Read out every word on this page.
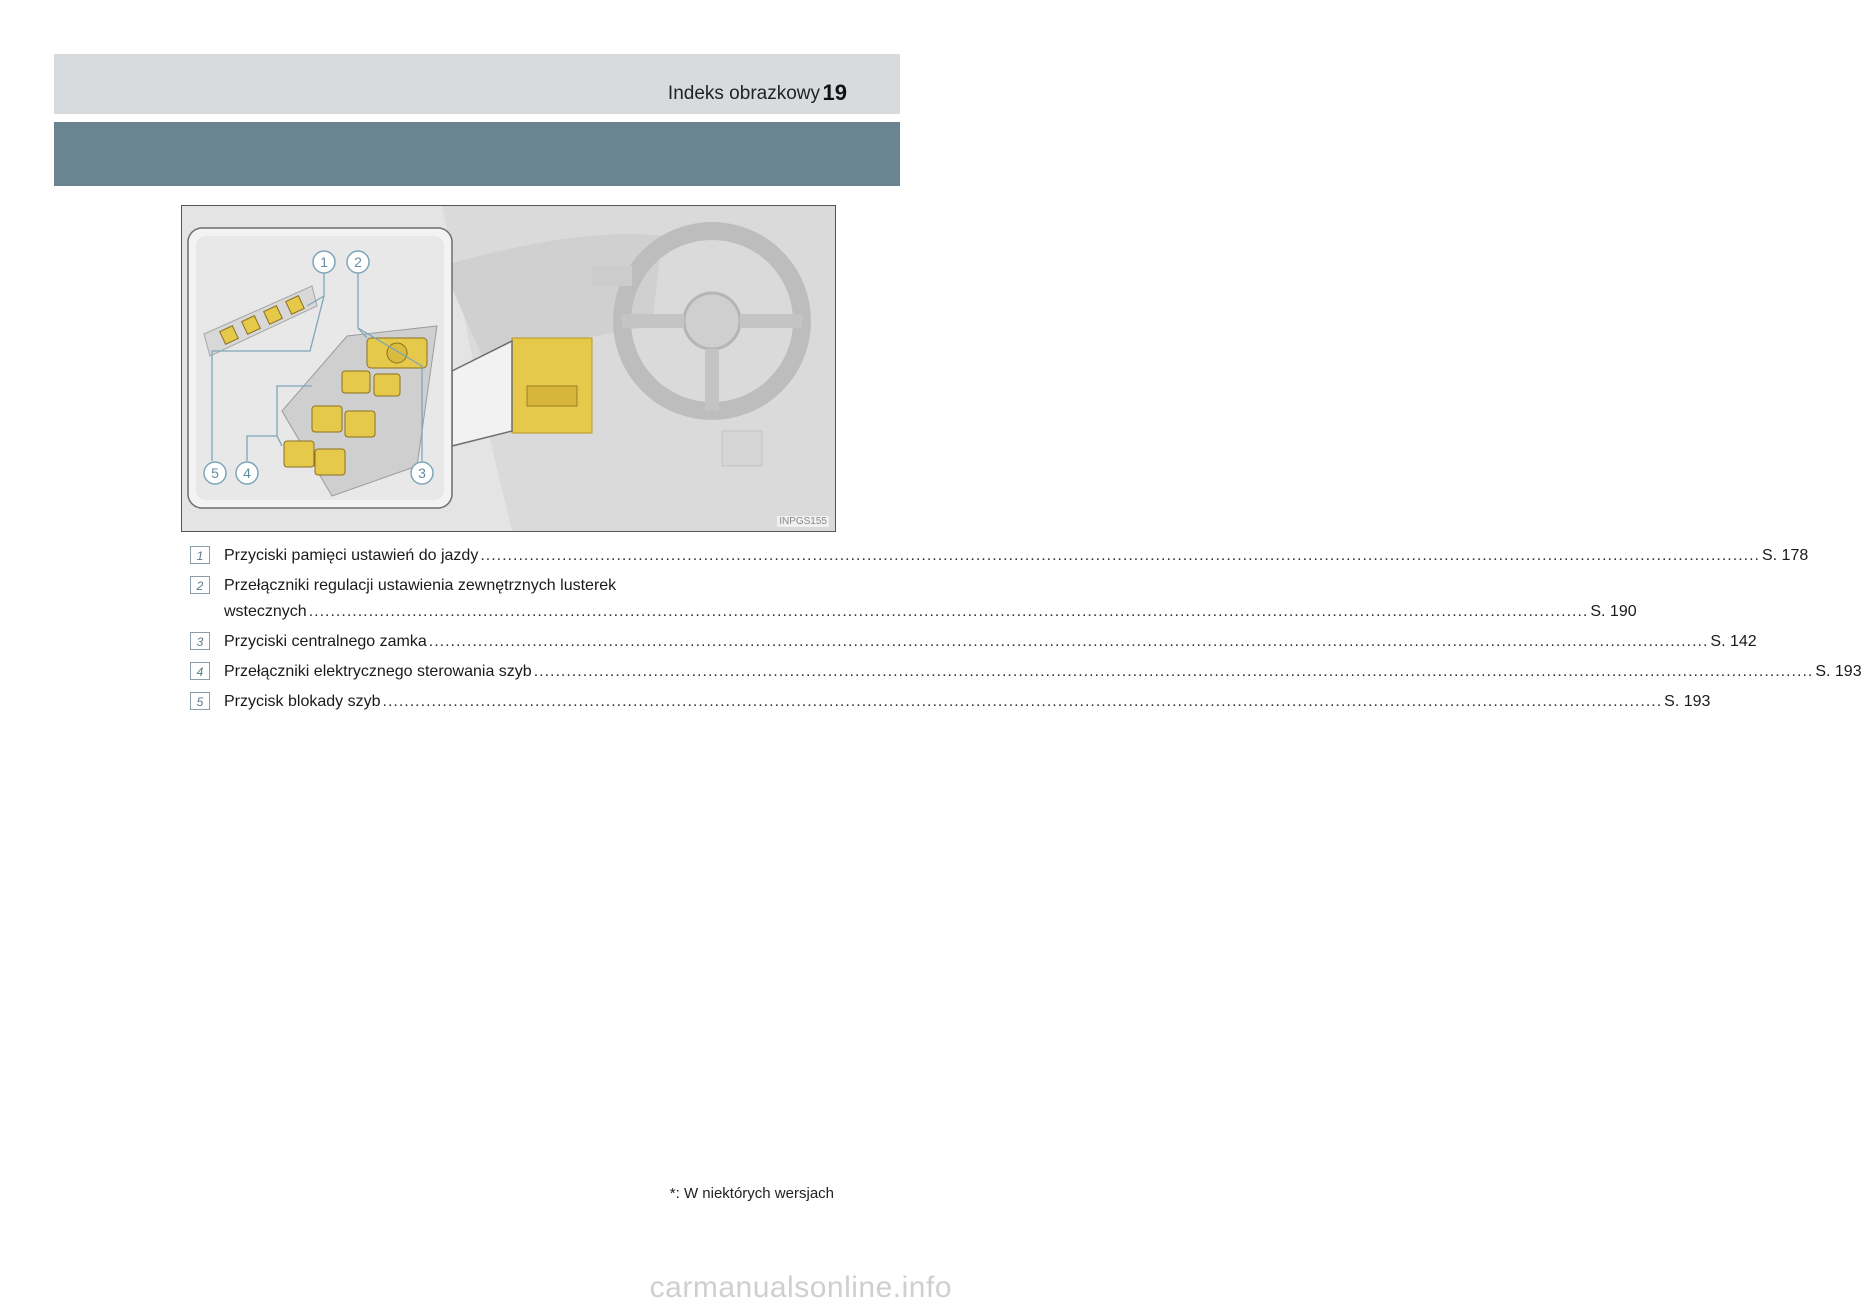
Indeks obrazkowy 19
1 2
3
4
5
INPGS155
1	Przyciski pamięci ustawień do jazdy .....	S. 178
2	Przełączniki regulacji ustawienia zewnętrznych lusterek
wstecznych .....	S. 190
3	Przyciski centralnego zamka .....	S. 142
4	Przełączniki elektrycznego sterowania szyb .....	S. 193
5	Przycisk blokady szyb .....	S. 193
*: W niektórych wersjach
carmanualsonline.info
